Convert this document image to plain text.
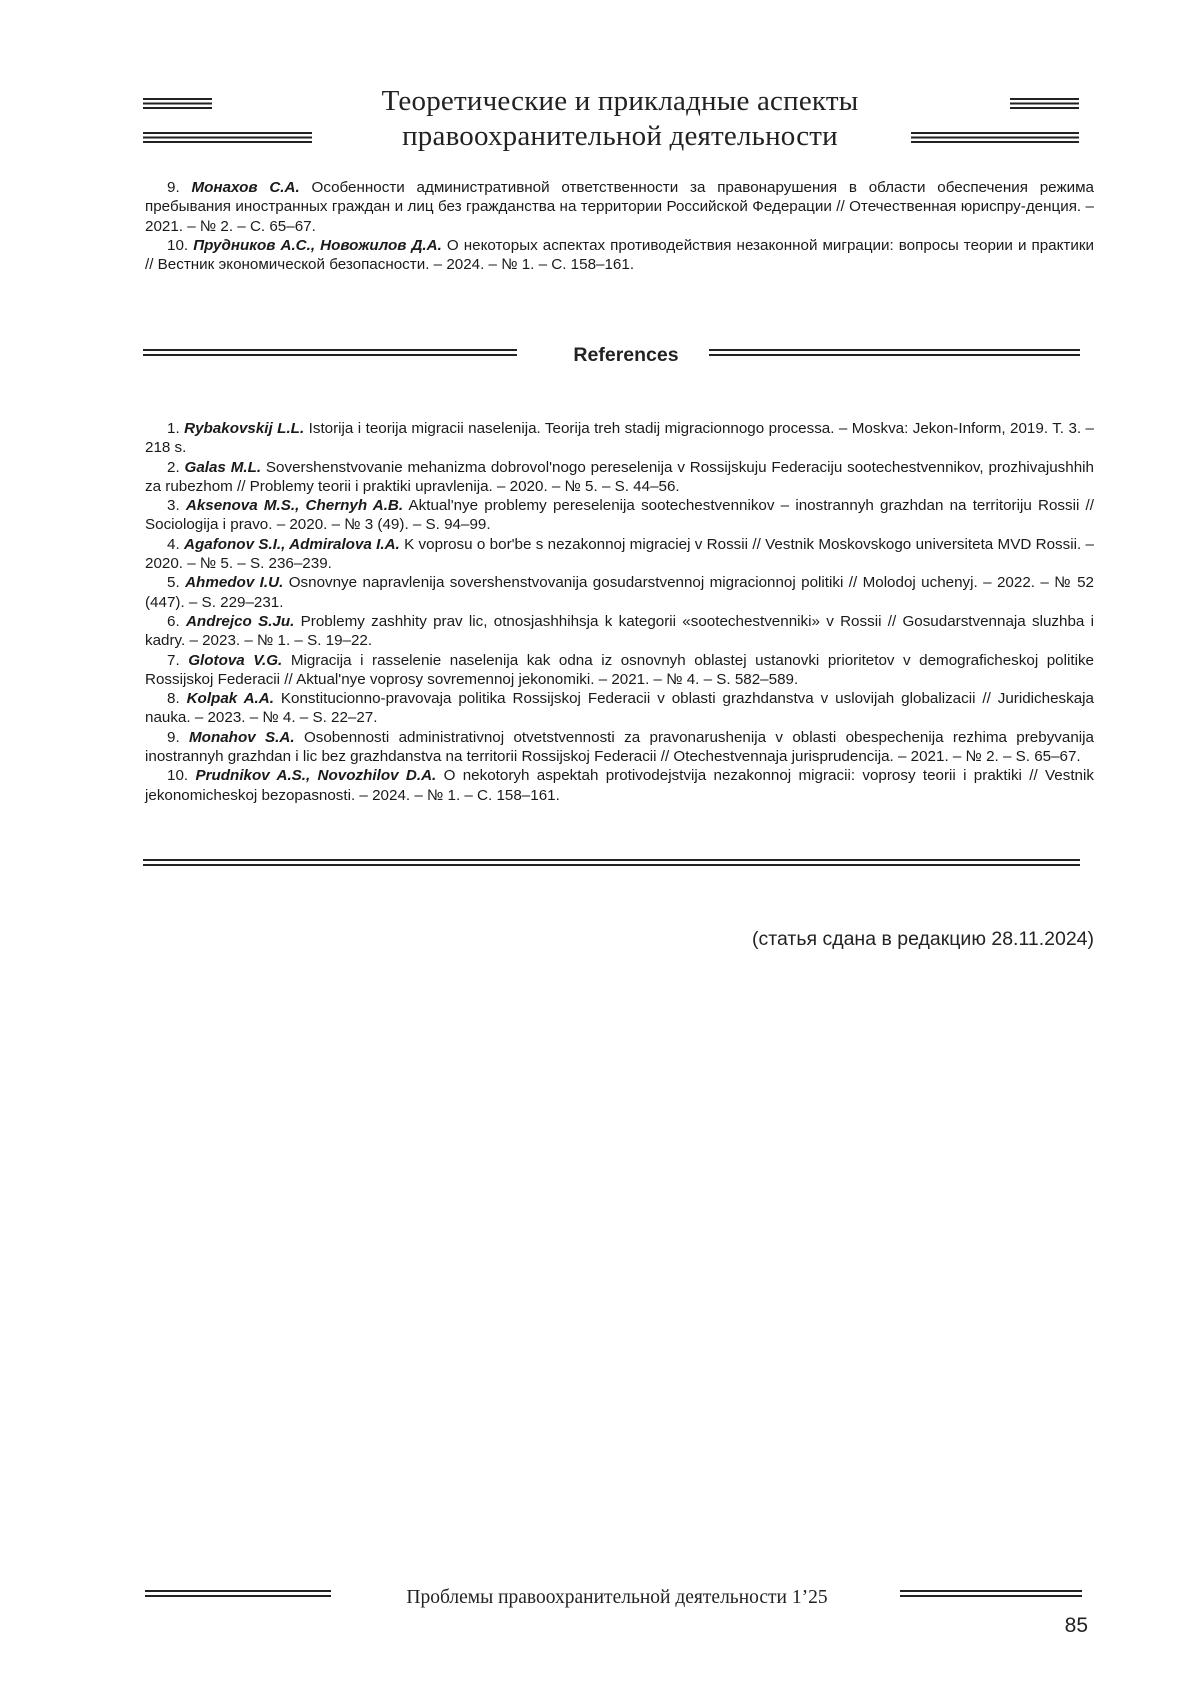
Теоретические и прикладные аспекты
правоохранительной деятельности

9. Монахов С.А. Особенности административной ответственности за правонарушения в области обеспечения режима пребывания иностранных граждан и лиц без гражданства на территории Российской Федерации // Отечественная юриспру-денция. – 2021. – № 2. – С. 65–67.

10. Прудников А.С., Новожилов Д.А. О некоторых аспектах противодействия незаконной миграции: вопросы теории и практики // Вестник экономической безопасности. – 2024. – № 1. – С. 158–161.

References

1. Rybakovskij L.L. Istorija i teorija migracii naselenija. Teorija treh stadij migracionnogo processa. – Moskva: Jekon-Inform, 2019. T. 3. – 218 s.

2. Galas M.L. Sovershenstvovanie mehanizma dobrovol'nogo pereselenija v Rossijskuju Federaciju sootechestvennikov, prozhivajushhih za rubezhom // Problemy teorii i praktiki upravlenija. – 2020. – № 5. – S. 44–56.

3. Aksenova M.S., Chernyh A.B. Aktual'nye problemy pereselenija sootechestvennikov – inostrannyh grazhdan na territoriju Rossii // Sociologija i pravo. – 2020. – № 3 (49). – S. 94–99.

4. Agafonov S.I., Admiralova I.A. K voprosu o bor'be s nezakonnoj migraciej v Rossii // Vestnik Moskovskogo universiteta MVD Rossii. – 2020. – № 5. – S. 236–239.

5. Ahmedov I.U. Osnovnye napravlenija sovershenstvovanija gosudarstvennoj migracionnoj politiki // Molodoj uchenyj. – 2022. – № 52 (447). – S. 229–231.

6. Andrejco S.Ju. Problemy zashhity prav lic, otnosjashhihsja k kategorii «sootechestvenniki» v Rossii // Gosudarstvennaja sluzhba i kadry. – 2023. – № 1. – S. 19–22.

7. Glotova V.G. Migracija i rasselenie naselenija kak odna iz osnovnyh oblastej ustanovki prioritetov v demograficheskoj politike Rossijskoj Federacii // Aktual'nye voprosy sovremennoj jekonomiki. – 2021. – № 4. – S. 582–589.

8. Kolpak A.A. Konstitucionno-pravovaja politika Rossijskoj Federacii v oblasti grazhdanstva v uslovijah globalizacii // Juridicheskaja nauka. – 2023. – № 4. – S. 22–27.

9. Monahov S.A. Osobennosti administrativnoj otvetstvennosti za pravonarushenija v oblasti obespechenija rezhima prebyvanija inostrannyh grazhdan i lic bez grazhdanstva na territorii Rossijskoj Federacii // Otechestvennaja jurisprudencija. – 2021. – № 2. – S. 65–67.

10. Prudnikov A.S., Novozhilov D.A. O nekotoryh aspektah protivodejstvija nezakonnoj migracii: voprosy teorii i praktiki // Vestnik jekonomicheskoj bezopasnosti. – 2024. – № 1. – C. 158–161.

(статья сдана в редакцию 28.11.2024)
Проблемы правоохранительной деятельности 1’25
85
